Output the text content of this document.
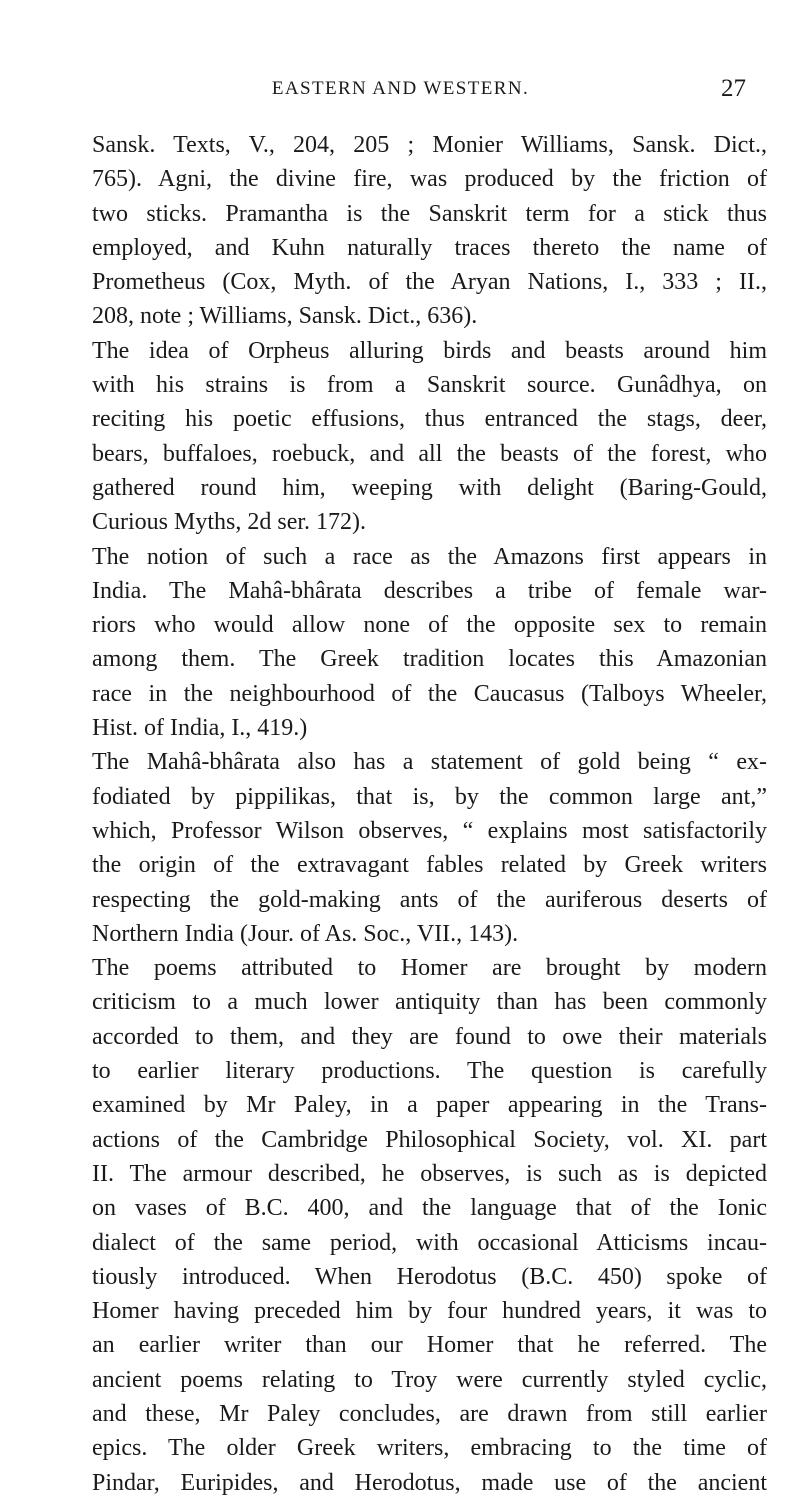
EASTERN AND WESTERN.	27
Sansk. Texts, V., 204, 205 ; Monier Williams, Sansk. Dict.,
765). Agni, the divine fire, was produced by the friction of
two sticks. Pramantha is the Sanskrit term for a stick thus
employed, and Kuhn naturally traces thereto the name of
Prometheus (Cox, Myth. of the Aryan Nations, I., 333 ; II.,
208, note ; Williams, Sansk. Dict., 636).
The idea of Orpheus alluring birds and beasts around him
with his strains is from a Sanskrit source. Gunâdhya, on
reciting his poetic effusions, thus entranced the stags, deer,
bears, buffaloes, roebuck, and all the beasts of the forest, who
gathered round him, weeping with delight (Baring-Gould,
Curious Myths, 2d ser. 172).
The notion of such a race as the Amazons first appears in
India. The Mahâ-bhârata describes a tribe of female war-
riors who would allow none of the opposite sex to remain
among them. The Greek tradition locates this Amazonian
race in the neighbourhood of the Caucasus (Talboys Wheeler,
Hist. of India, I., 419.)
The Mahâ-bhârata also has a statement of gold being “ ex-
fodiated by pippilikas, that is, by the common large ant,”
which, Professor Wilson observes, “ explains most satisfactorily
the origin of the extravagant fables related by Greek writers
respecting the gold-making ants of the auriferous deserts of
Northern India (Jour. of As. Soc., VII., 143).
The poems attributed to Homer are brought by modern
criticism to a much lower antiquity than has been commonly
accorded to them, and they are found to owe their materials
to earlier literary productions. The question is carefully
examined by Mr Paley, in a paper appearing in the Trans-
actions of the Cambridge Philosophical Society, vol. XI. part
II. The armour described, he observes, is such as is depicted
on vases of B.C. 400, and the language that of the Ionic
dialect of the same period, with occasional Atticisms incau-
tiously introduced. When Herodotus (B.C. 450) spoke of
Homer having preceded him by four hundred years, it was to
an earlier writer than our Homer that he referred. The
ancient poems relating to Troy were currently styled cyclic,
and these, Mr Paley concludes, are drawn from still earlier
epics. The older Greek writers, embracing to the time of
Pindar, Euripides, and Herodotus, made use of the ancient
